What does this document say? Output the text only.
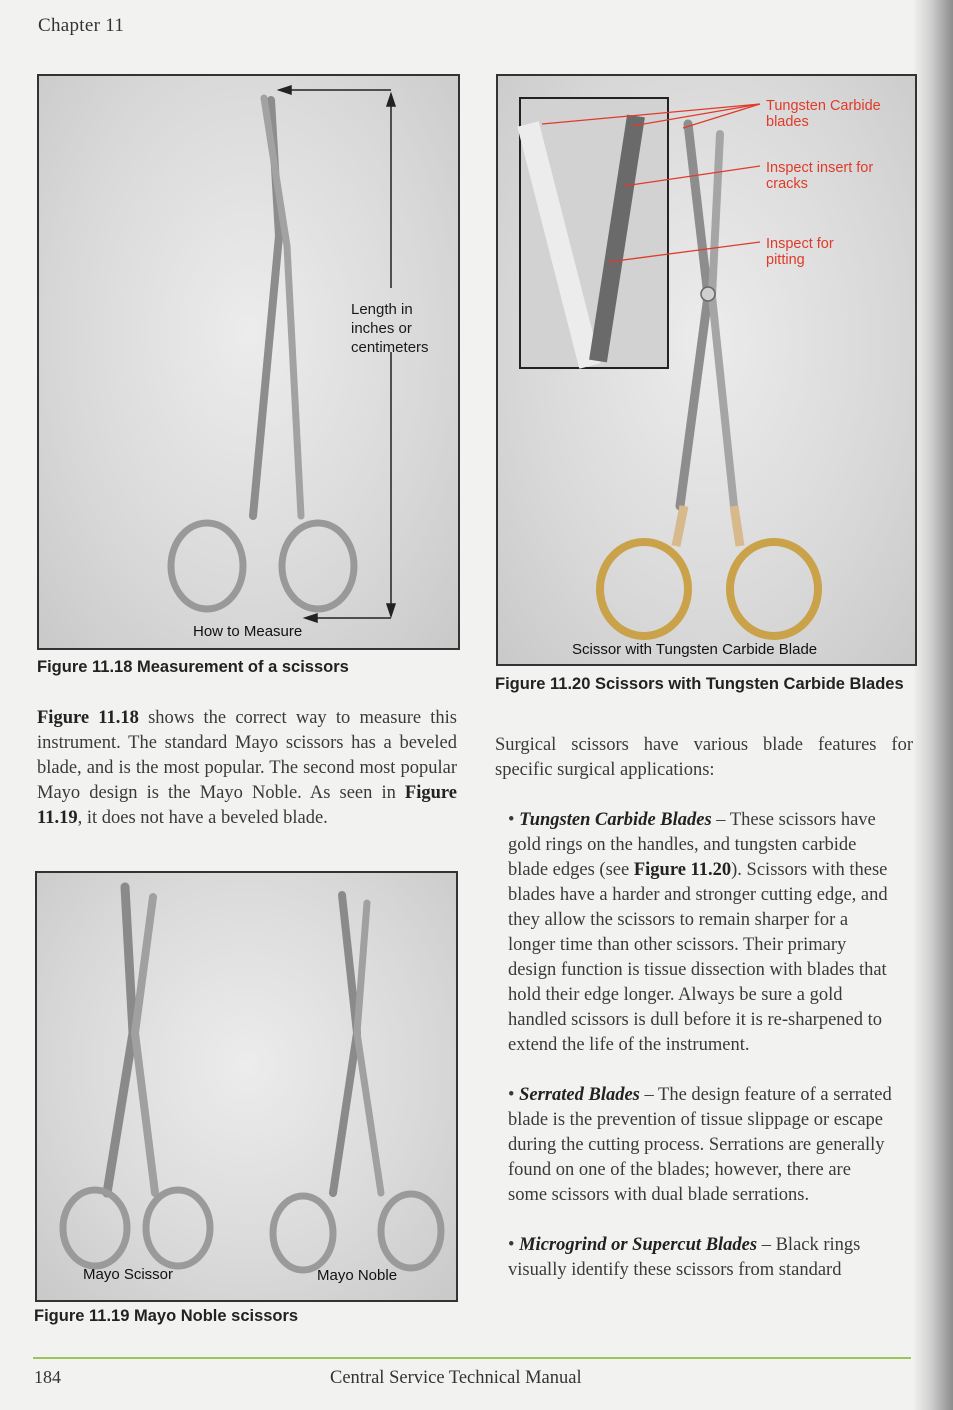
Chapter 11
Length in
inches or
centimeters
How to Measure
Figure 11.18 Measurement of a scissors
Tungsten Carbide
blades
Inspect insert for
cracks
Inspect for
pitting
Scissor with Tungsten Carbide Blade
Figure 11.20 Scissors with Tungsten Carbide Blades
Figure 11.18 shows the correct way to measure this instrument. The standard Mayo scissors has a beveled blade, and is the most popular. The second most popular Mayo design is the Mayo Noble. As seen in Figure 11.19, it does not have a beveled blade.
Mayo Scissor	Mayo Noble
Figure 11.19 Mayo Noble scissors
Surgical scissors have various blade features for specific surgical applications:
• Tungsten Carbide Blades – These scissors have gold rings on the handles, and tungsten carbide blade edges (see Figure 11.20). Scissors with these blades have a harder and stronger cutting edge, and they allow the scissors to remain sharper for a longer time than other scissors. Their primary design function is tissue dissection with blades that hold their edge longer. Always be sure a gold handled scissors is dull before it is re-sharpened to extend the life of the instrument.
• Serrated Blades – The design feature of a serrated blade is the prevention of tissue slippage or escape during the cutting process. Serrations are generally found on one of the blades; however, there are some scissors with dual blade serrations.
• Microgrind or Supercut Blades – Black rings visually identify these scissors from standard
184	Central Service Technical Manual
